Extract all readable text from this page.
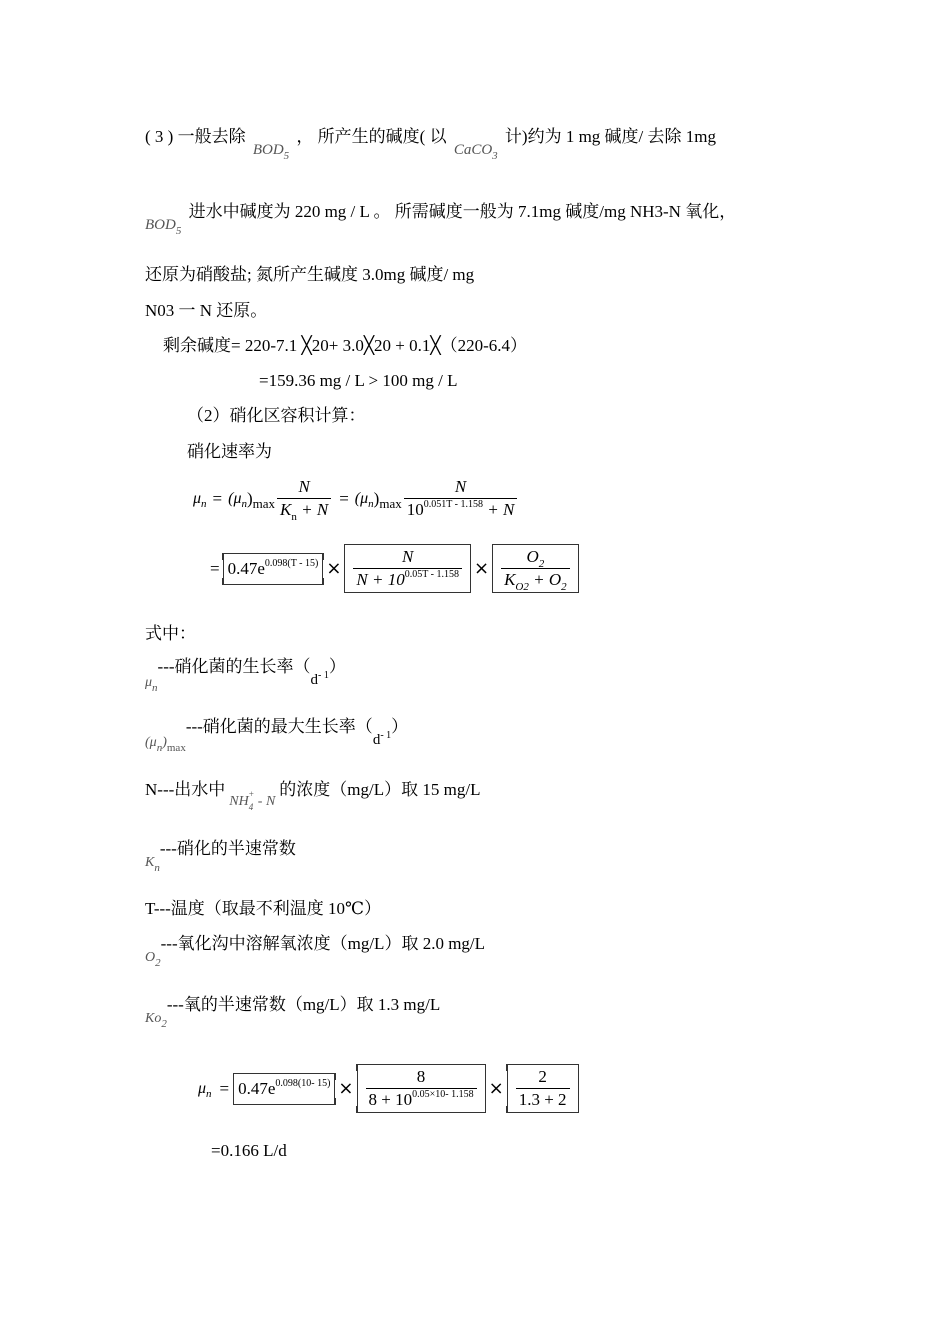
( 3 ) 一般去除 $BOD_5$ ， 所产生的碱度( 以 CaCO$_3$ 计)约为 1 mg 碱度/ 去除 1mg
$BOD_5$ 进水中碱度为 220 mg / L 。 所需碱度一般为 7.1mg 碱度/mg NH3-N 氧化，
还原为硝酸盐; 氮所产生碱度 3.0mg 碱度/ mg
N03 一 N 还原。
剩余碱度= 220-7.1 ╳20+ 3.0╳20 + 0.1╳（220-6.4）
=159.36 mg / L > 100 mg / L
（2）硝化区容积计算：
硝化速率为
μ n = (μ n ) $\max \frac{N}{K_n + N} = (\mu$ n ) $\max \frac{N}{10^{0.051T - 1.158} + N}$
= $0.47e^{0.098(T - 15)} \times \frac{N}{N + 10^{0.05T - 1.158}} \times \frac{O_2}{K_{O2} + O_2}$
式中：
$_{\mu_n}$---硝化菌的生长率$(d^{- 1})$
$_{(\mu_n)_{max}}$---硝化菌的最大生长率$(d^{- 1})$
N---出水中$_{NH_4^+ - N}$的浓度（mg/L）取 15 mg/L
$_{K_n}$---硝化的半速常数
T---温度（取最不利温度 10℃）
$_{O_2}$---氧化沟中溶解氧浓度（mg/L）取 2.0 mg/L
$_{Ko_2}$---氧的半速常数（mg/L）取 1.3 mg/L
μ $n = 0.47e^{0.098(10- 15)} \times \frac{8}{8 + 10^{0.05\times 10- 1.158}} \times \frac{2}{1.3 + 2}$
=0.166 L/d
